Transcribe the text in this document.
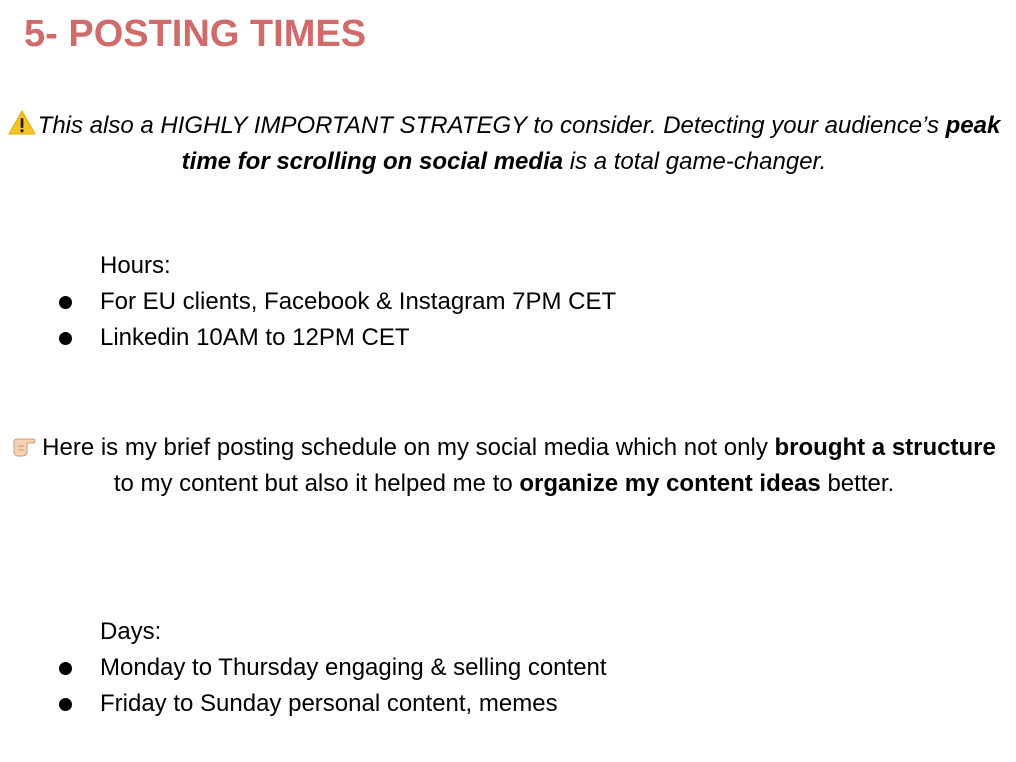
5- POSTING TIMES

This also a HIGHLY IMPORTANT STRATEGY to consider. Detecting your audience’s peak time for scrolling on social media is a total game-changer.

Hours:

For EU clients, Facebook & Instagram 7PM CET
Linkedin 10AM to 12PM CET

Here is my brief posting schedule on my social media which not only brought a structure to my content but also it helped me to organize my content ideas better.

Days:

Monday to Thursday engaging & selling content
Friday to Sunday personal content, memes
